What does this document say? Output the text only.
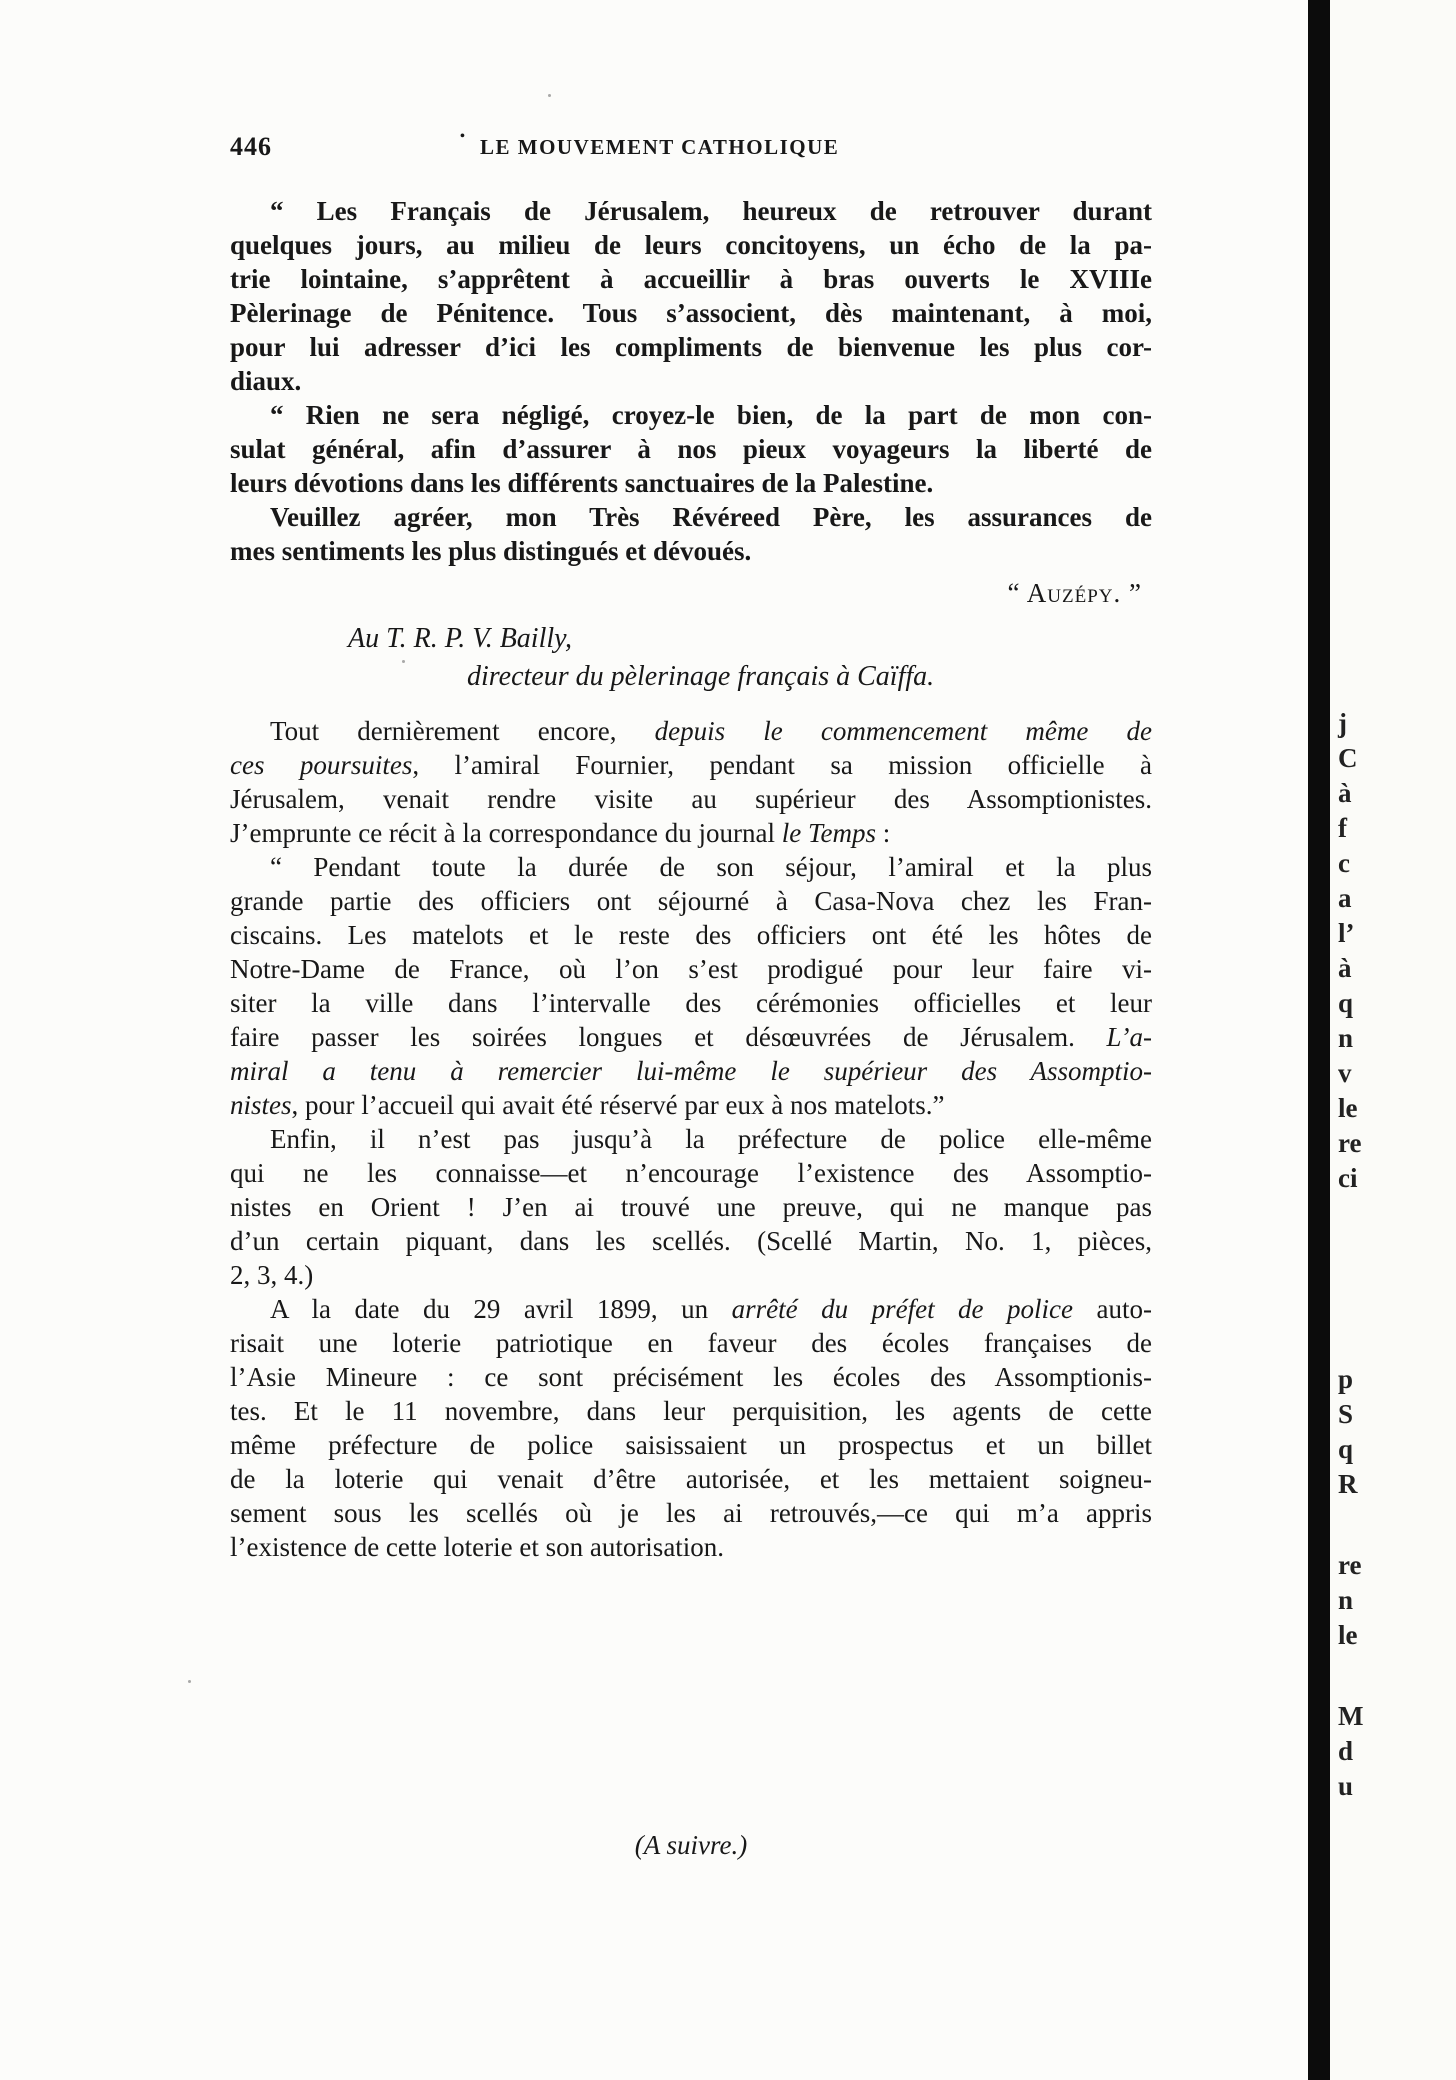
446
•	LE MOUVEMENT CATHOLIQUE
“ Les Français de Jérusalem, heureux de retrouver durant
quelques jours, au milieu de leurs concitoyens, un écho de la pa-
trie lointaine, s’apprêtent à accueillir à bras ouverts le XVIIIe
Pèlerinage de Pénitence. Tous s’associent, dès maintenant, à moi,
pour lui adresser d’ici les compliments de bienvenue les plus cor-
diaux.
“ Rien ne sera négligé, croyez-le bien, de la part de mon con-
sulat général, afin d’assurer à nos pieux voyageurs la liberté de
leurs dévotions dans les différents sanctuaires de la Palestine.
Veuillez agréer, mon Très Révéreed Père, les assurances de
mes sentiments les plus distingués et dévoués.
“ Auzépy. ”
Au T. R. P. V. Bailly,
directeur du pèlerinage français à Caïffa.
Tout dernièrement encore, depuis le commencement même de
ces poursuites, l’amiral Fournier, pendant sa mission officielle à
Jérusalem, venait rendre visite au supérieur des Assomptionistes.
J’emprunte ce récit à la correspondance du journal le Temps :
“ Pendant toute la durée de son séjour, l’amiral et la plus
grande partie des officiers ont séjourné à Casa-Nova chez les Fran-
ciscains. Les matelots et le reste des officiers ont été les hôtes de
Notre-Dame de France, où l’on s’est prodigué pour leur faire vi-
siter la ville dans l’intervalle des cérémonies officielles et leur
faire passer les soirées longues et désœuvrées de Jérusalem. L’a-
miral a tenu à remercier lui-même le supérieur des Assomptio-
nistes, pour l’accueil qui avait été réservé par eux à nos matelots.”
Enfin, il n’est pas jusqu’à la préfecture de police elle-même
qui ne les connaisse—et n’encourage l’existence des Assomptio-
nistes en Orient ! J’en ai trouvé une preuve, qui ne manque pas
d’un certain piquant, dans les scellés. (Scellé Martin, No. 1, pièces,
2, 3, 4.)
A la date du 29 avril 1899, un arrêté du préfet de police auto-
risait une loterie patriotique en faveur des écoles françaises de
l’Asie Mineure : ce sont précisément les écoles des Assomptionis-
tes. Et le 11 novembre, dans leur perquisition, les agents de cette
même préfecture de police saisissaient un prospectus et un billet
de la loterie qui venait d’être autorisée, et les mettaient soigneu-
sement sous les scellés où je les ai retrouvés,—ce qui m’a appris
l’existence de cette loterie et son autorisation.
(A suivre.)
j
C
à
f
c
a
l’
à
q
n
v
le
re
ci
p
S
q
R
re
n
le
M
d
u
